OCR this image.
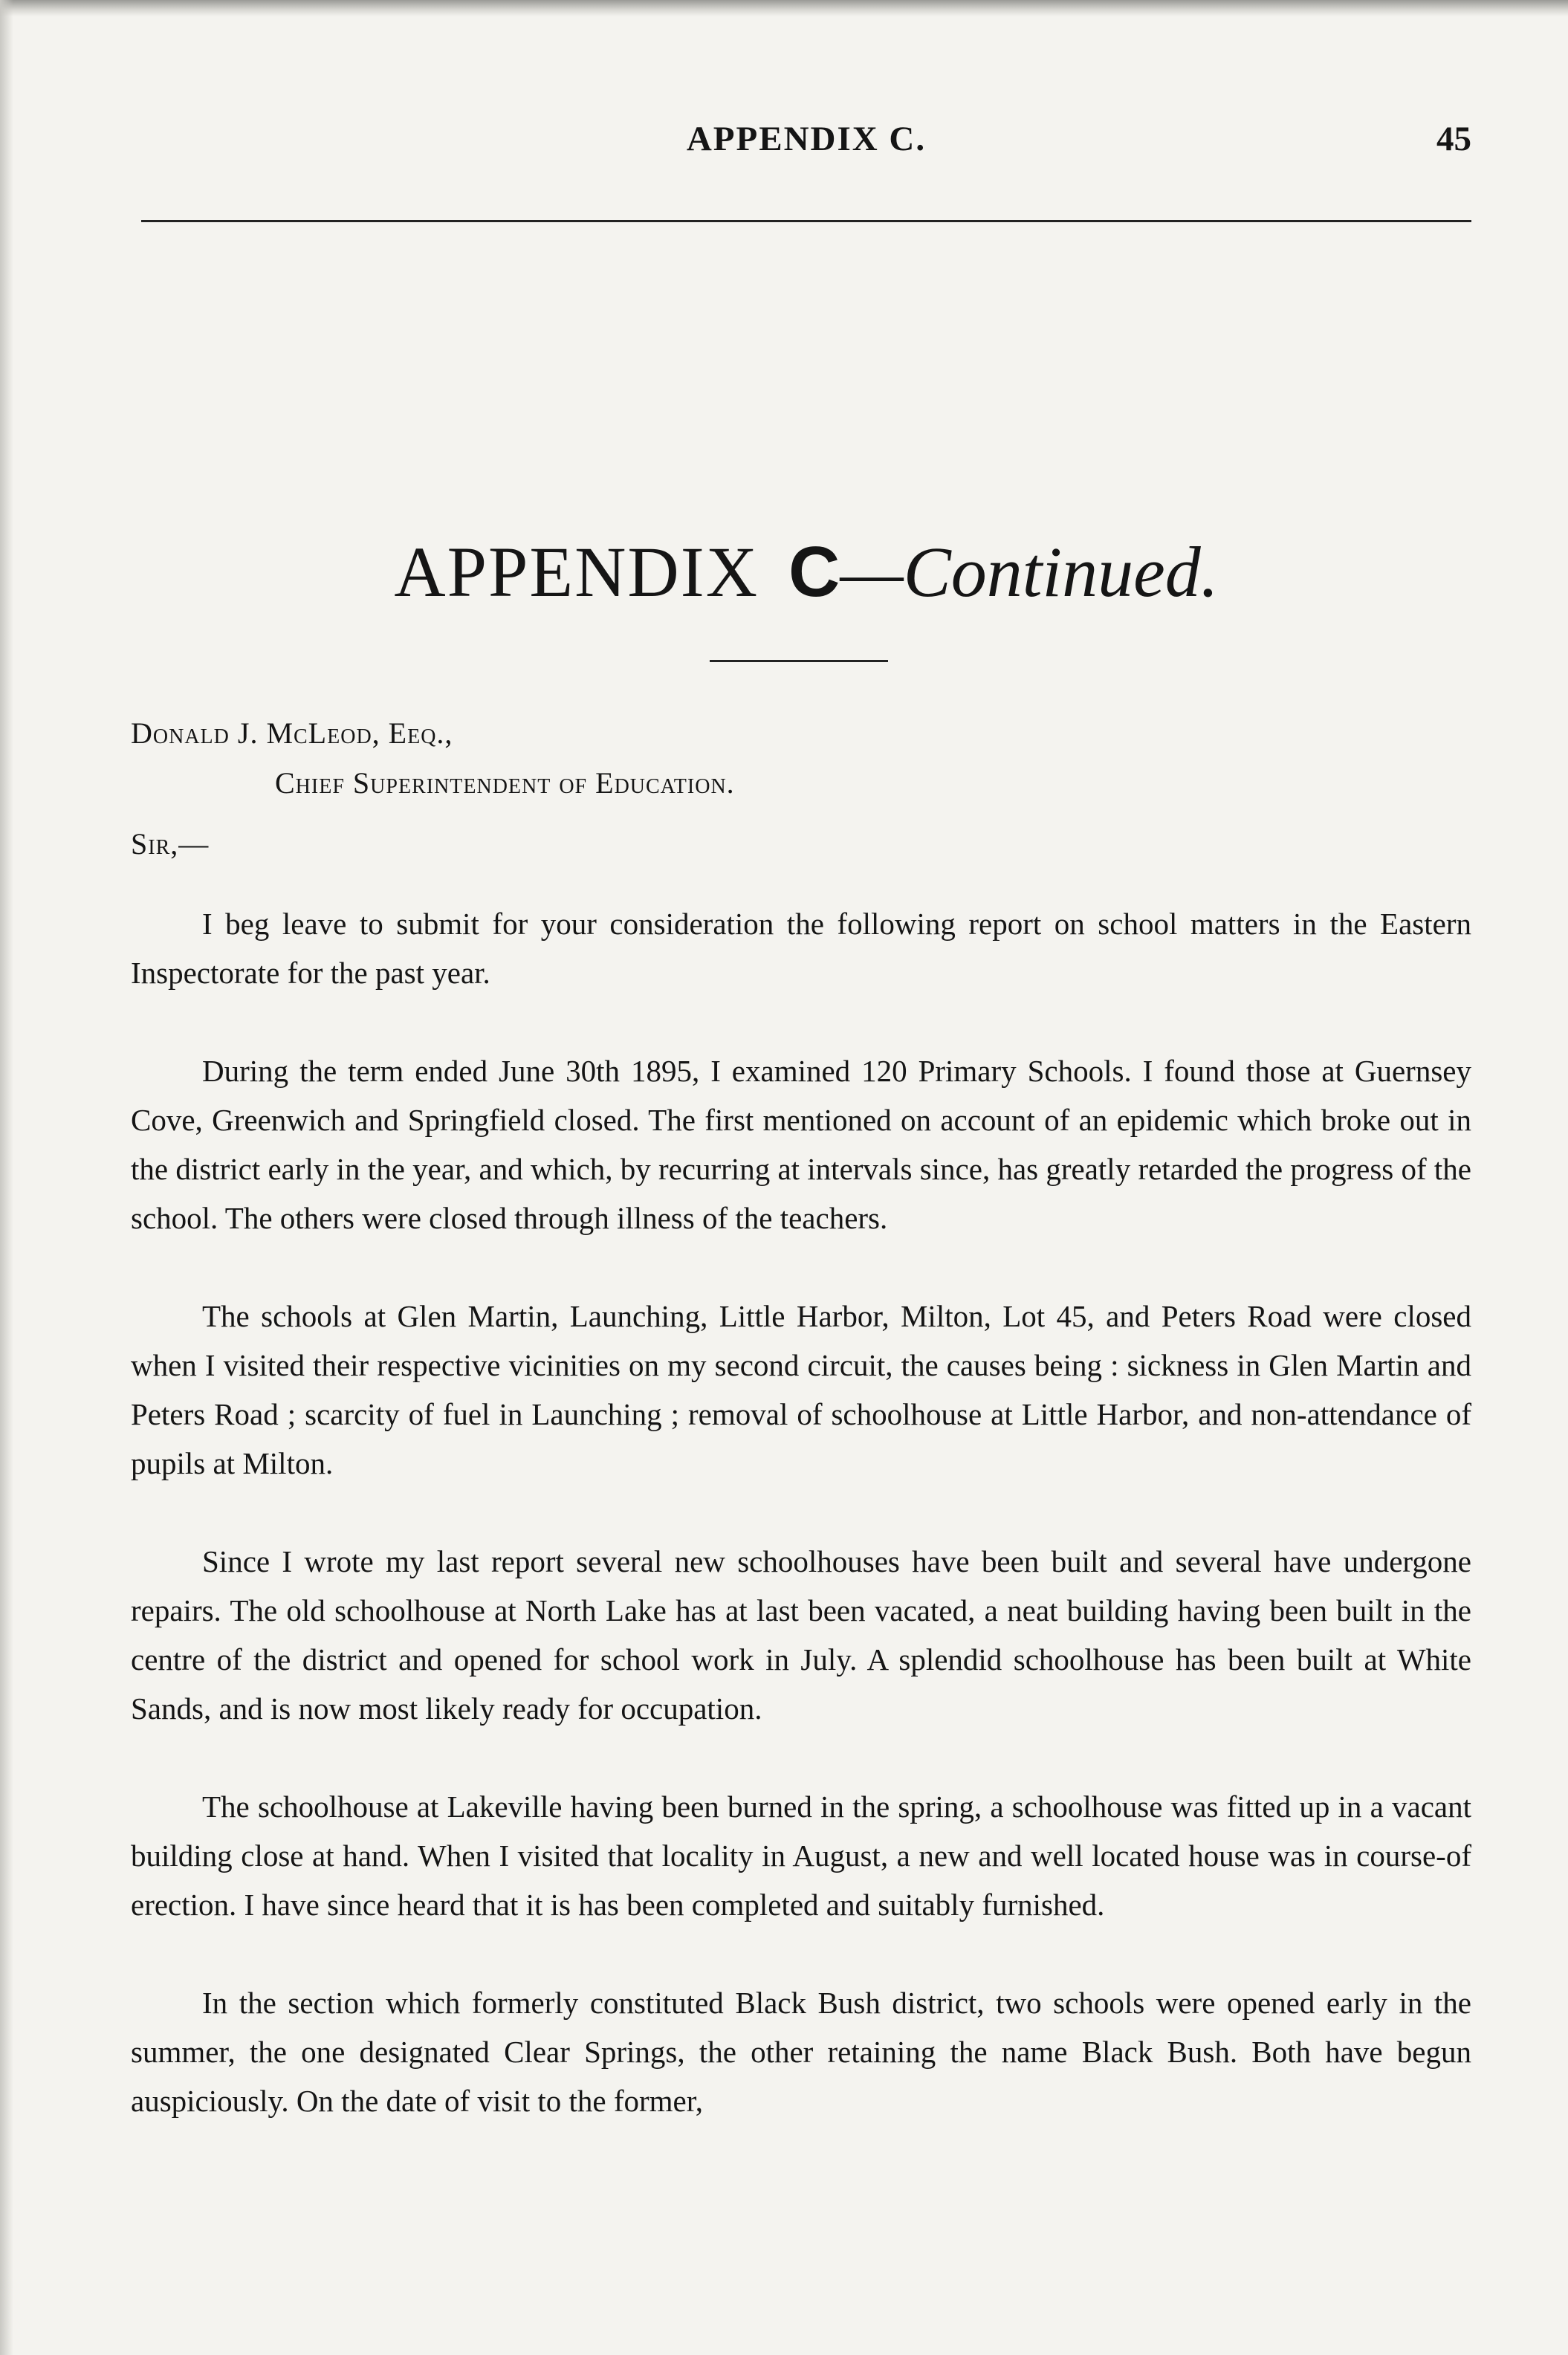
APPENDIX C.	45
APPENDIX C—Continued.
Donald J. McLeod, Eeq.,
Chief Superintendent of Education.
Sir,—

I beg leave to submit for your consideration the following report on school matters in the Eastern Inspectorate for the past year.

During the term ended June 30th 1895, I examined 120 Primary Schools. I found those at Guernsey Cove, Greenwich and Springfield closed. The first mentioned on account of an epidemic which broke out in the district early in the year, and which, by recurring at intervals since, has greatly retarded the progress of the school. The others were closed through illness of the teachers.

The schools at Glen Martin, Launching, Little Harbor, Milton, Lot 45, and Peters Road were closed when I visited their respective vicinities on my second circuit, the causes being : sickness in Glen Martin and Peters Road ; scarcity of fuel in Launching ; removal of schoolhouse at Little Harbor, and non-attendance of pupils at Milton.

Since I wrote my last report several new schoolhouses have been built and several have undergone repairs. The old schoolhouse at North Lake has at last been vacated, a neat building having been built in the centre of the district and opened for school work in July. A splendid schoolhouse has been built at White Sands, and is now most likely ready for occupation.

The schoolhouse at Lakeville having been burned in the spring, a schoolhouse was fitted up in a vacant building close at hand. When I visited that locality in August, a new and well located house was in course-of erection. I have since heard that it is has been completed and suitably furnished.

In the section which formerly constituted Black Bush district, two schools were opened early in the summer, the one designated Clear Springs, the other retaining the name Black Bush. Both have begun auspiciously. On the date of visit to the former,
